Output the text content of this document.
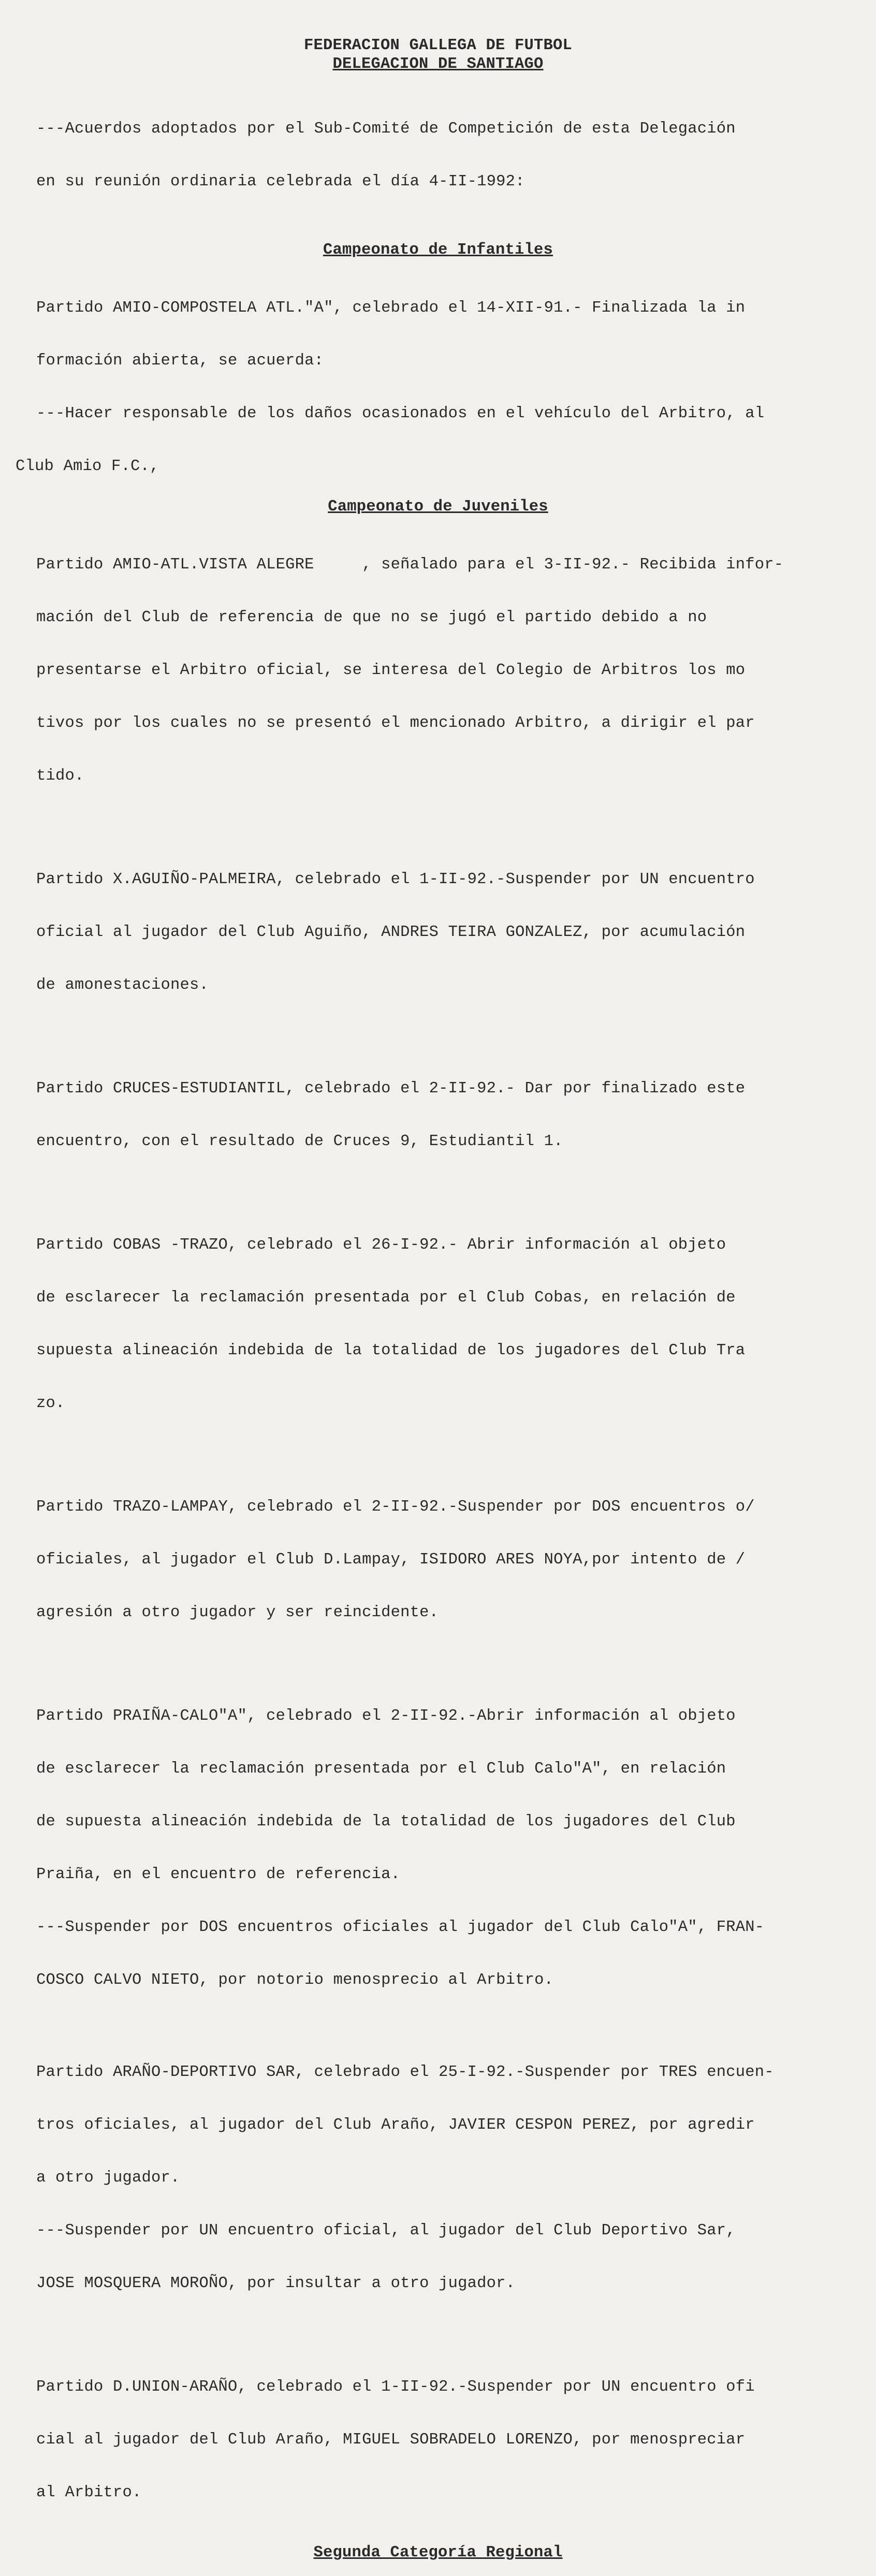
FEDERACION GALLEGA DE FUTBOL
DELEGACION DE SANTIAGO

---Acuerdos adoptados por el Sub-Comité de Competición de esta Delegación

en su reunión ordinaria celebrada el día 4-II-1992:

Campeonato de Infantiles

Partido AMIO-COMPOSTELA ATL."A", celebrado el 14-XII-91.- Finalizada la in

formación abierta, se acuerda:

---Hacer responsable de los daños ocasionados en el vehículo del Arbitro, al

Club Amio F.C.,

Campeonato de Juveniles

Partido AMIO-ATL.VISTA ALEGRE     , señalado para el 3-II-92.- Recibida infor-

mación del Club de referencia de que no se jugó el partido debido a no

presentarse el Arbitro oficial, se interesa del Colegio de Arbitros los mo

tivos por los cuales no se presentó el mencionado Arbitro, a dirigir el par

tido.

Partido X.AGUIÑO-PALMEIRA, celebrado el 1-II-92.-Suspender por UN encuentro

oficial al jugador del Club Aguiño, ANDRES TEIRA GONZALEZ, por acumulación

de amonestaciones.

Partido CRUCES-ESTUDIANTIL, celebrado el 2-II-92.- Dar por finalizado este

encuentro, con el resultado de Cruces 9, Estudiantil 1.

Partido COBAS -TRAZO, celebrado el 26-I-92.- Abrir información al objeto

de esclarecer la reclamación presentada por el Club Cobas, en relación de

supuesta alineación indebida de la totalidad de los jugadores del Club Tra

zo.

Partido TRAZO-LAMPAY, celebrado el 2-II-92.-Suspender por DOS encuentros o/

oficiales, al jugador el Club D.Lampay, ISIDORO ARES NOYA,por intento de /

agresión a otro jugador y ser reincidente.

Partido PRAIÑA-CALO"A", celebrado el 2-II-92.-Abrir información al objeto

de esclarecer la reclamación presentada por el Club Calo"A", en relación

de supuesta alineación indebida de la totalidad de los jugadores del Club

Praiña, en el encuentro de referencia.

---Suspender por DOS encuentros oficiales al jugador del Club Calo"A", FRAN-

COSCO CALVO NIETO, por notorio menosprecio al Arbitro.

Partido ARAÑO-DEPORTIVO SAR, celebrado el 25-I-92.-Suspender por TRES encuen-

tros oficiales, al jugador del Club Araño, JAVIER CESPON PEREZ, por agredir

a otro jugador.

---Suspender por UN encuentro oficial, al jugador del Club Deportivo Sar,

JOSE MOSQUERA MOROÑO, por insultar a otro jugador.

Partido D.UNION-ARAÑO, celebrado el 1-II-92.-Suspender por UN encuentro ofi

cial al jugador del Club Araño, MIGUEL SOBRADELO LORENZO, por menospreciar

al Arbitro.

Segunda Categoría Regional
